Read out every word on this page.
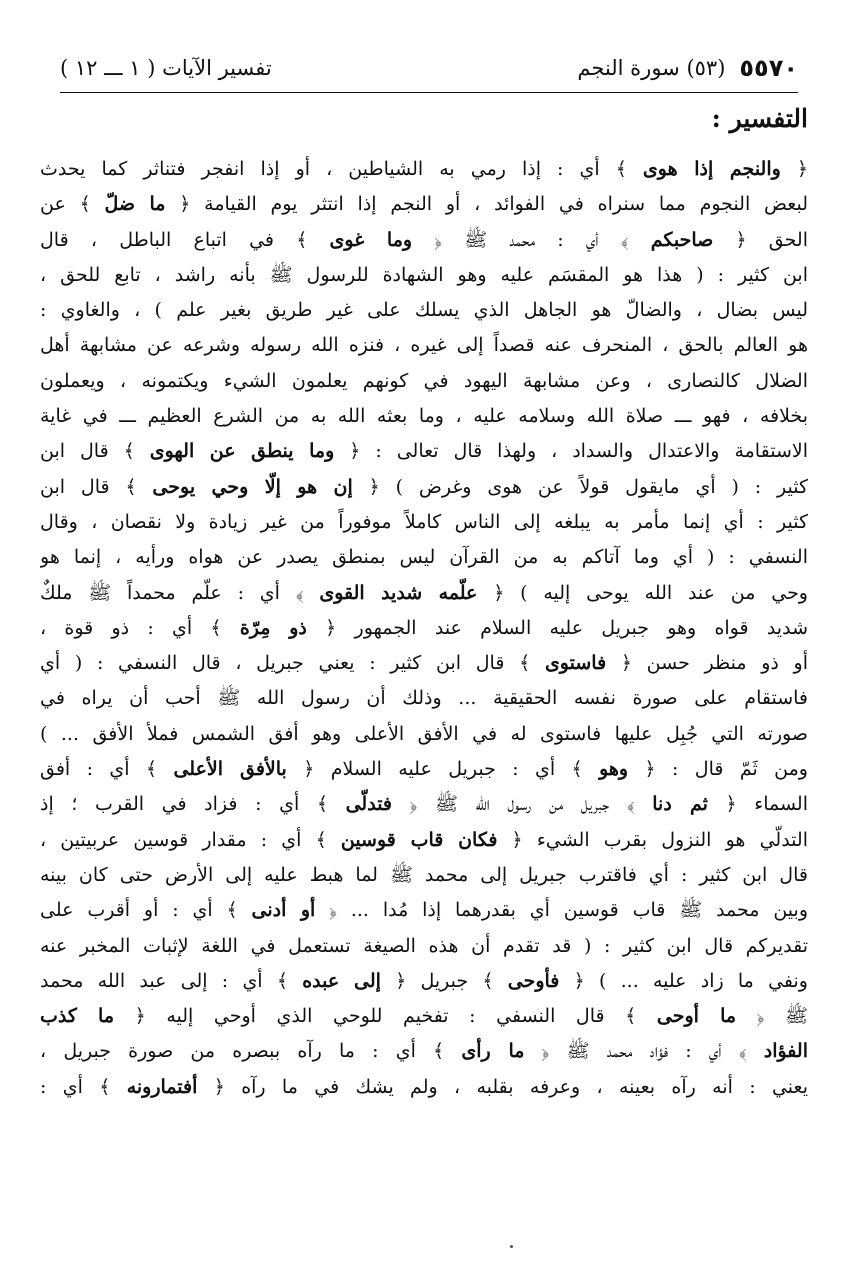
٥٥٧٠
(٥٣) سورة النجم
تفسير الآيات ( ١ ـــ ١٢ )
التفسير :
﴿ والنجم إذا هوى ﴾ أي : إذا رمي به الشياطين ، أو إذا انفجر فتناثر كما يحدث
لبعض النجوم مما سنراه في الفوائد ، أو النجم إذا انتثر يوم القيامة ﴿ ما ضلّ ﴾ عن
الحق ﴿ صاحبكم ﴾ أي : محمد ﷺ ﴿ وما غوى ﴾ في اتباع الباطل ، قال
ابن كثير : ( هذا هو المقسَم عليه وهو الشهادة للرسول ﷺ بأنه راشد ، تابع للحق ،
ليس بضال ، والضالّ هو الجاهل الذي يسلك على غير طريق بغير علم ) ، والغاوي :
هو العالم بالحق ، المنحرف عنه قصداً إلى غيره ، فنزه الله رسوله وشرعه عن مشابهة أهل
الضلال كالنصارى ، وعن مشابهة اليهود في كونهم يعلمون الشيء ويكتمونه ، ويعملون
بخلافه ، فهو ـــ صلاة الله وسلامه عليه ، وما بعثه الله به من الشرع العظيم ـــ في غاية
الاستقامة والاعتدال والسداد ، ولهذا قال تعالى : ﴿ وما ينطق عن الهوى ﴾ قال ابن
كثير : ( أي مايقول قولاً عن هوى وغرض ) ﴿ إن هو إلّا وحي يوحى ﴾ قال ابن
كثير : أي إنما مأمر به يبلغه إلى الناس كاملاً موفوراً من غير زيادة ولا نقصان ، وقال
النسفي : ( أي وما آتاكم به من القرآن ليس بمنطق يصدر عن هواه ورأيه ، إنما هو
وحي من عند الله يوحى إليه ) ﴿ علّمه شديد القوى ﴾ أي : علّم محمداً ﷺ ملكٌ
شديد قواه وهو جبريل عليه السلام عند الجمهور ﴿ ذو مِرّة ﴾ أي : ذو قوة ،
أو ذو منظر حسن ﴿ فاستوى ﴾ قال ابن كثير : يعني جبريل ، قال النسفي : ( أي
فاستقام على صورة نفسه الحقيقية ... وذلك أن رسول الله ﷺ أحب أن يراه في
صورته التي جُبِل عليها فاستوى له في الأفق الأعلى وهو أفق الشمس فملأ الأفق ... )
ومن ثَمّ قال : ﴿ وهو ﴾ أي : جبريل عليه السلام ﴿ بالأفق الأعلى ﴾ أي : أفق
السماء ﴿ ثم دنا ﴾ جبريل من رسول الله ﷺ ﴿ فتدلّى ﴾ أي : فزاد في القرب ؛ إذ
التدلّي هو النزول بقرب الشيء ﴿ فكان قاب قوسين ﴾ أي : مقدار قوسين عربيتين ،
قال ابن كثير : أي فاقترب جبريل إلى محمد ﷺ لما هبط عليه إلى الأرض حتى كان بينه
وبين محمد ﷺ قاب قوسين أي بقدرهما إذا مُدا ... ﴿ أو أدنى ﴾ أي : أو أقرب على
تقديركم قال ابن كثير : ( قد تقدم أن هذه الصيغة تستعمل في اللغة لإثبات المخبر عنه
ونفي ما زاد عليه ... ) ﴿ فأوحى ﴾ جبريل ﴿ إلى عبده ﴾ أي : إلى عبد الله محمد
ﷺ ﴿ ما أوحى ﴾ قال النسفي : تفخيم للوحي الذي أوحي إليه ﴿ ما كذب
الفؤاد ﴾ أي : فؤاد محمد ﷺ ﴿ ما رأى ﴾ أي : ما رآه ببصره من صورة جبريل ،
يعني : أنه رآه بعينه ، وعرفه بقلبه ، ولم يشك في ما رآه ﴿ أفتمارونه ﴾ أي :
